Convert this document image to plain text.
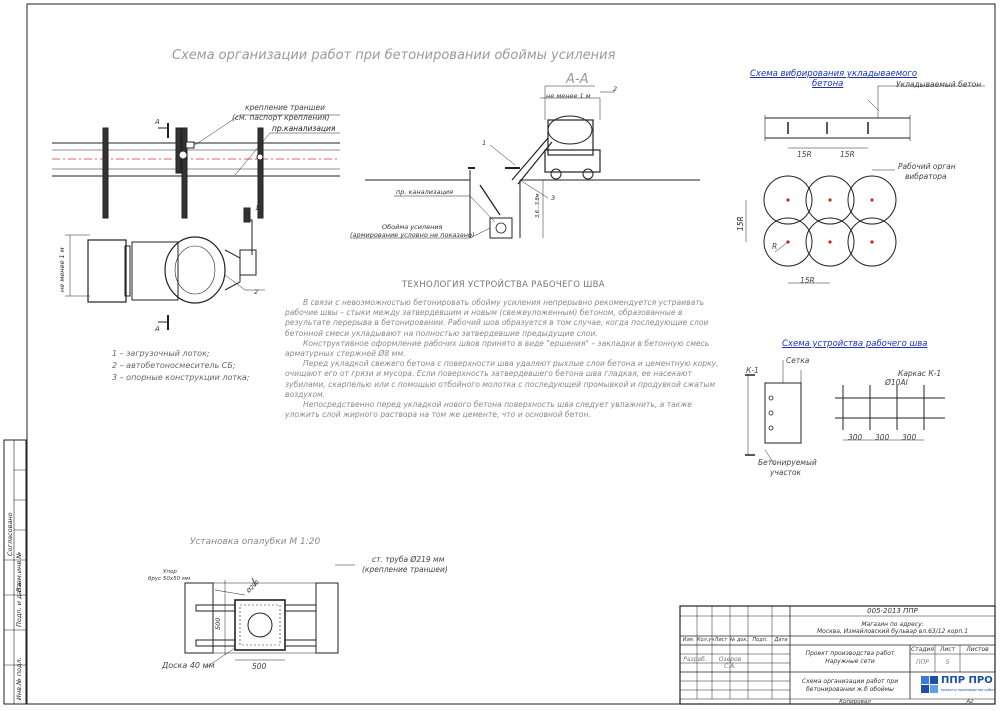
Схема организации работ при бетонировании обоймы усиления
А-А
А
А
крепление траншеи
(см. паспорт крепления)
пр.канализация
1
2
не менее 1 м
не менее 1 м
2
1
3
пр. канализация
Обойма усиления
(армирование условно не показано)
3,6...3,8м
ТЕХНОЛОГИЯ УСТРОЙСТВА РАБОЧЕГО ШВА

В связи с невозможностью бетонировать обойму усиления непрерывно рекомендуется устраивать рабочие швы – стыки между затвердевшим и новым (свежеуложенным) бетоном, образованные в результате перерыва в бетонировании. Рабочий шов образуется в том случае, когда последующие слои бетонной смеси укладывают на полностью затвердевшие предыдущие слои.

Конструктивное оформление рабочих швов принято в виде "ершения" – закладки в бетонную смесь арматурных стержней Ø8 мм.

Перед укладкой свежего бетона с поверхности шва удаляют рыхлые слои бетона и цементную корку, очищают его от грязи и мусора. Если поверхность затвердевшего бетона шва гладкая, ее насекают зубилами, скарпелью или с помощью отбойного молотка с последующей промывкой и продувкой сжатым воздухом.

Непосредственно перед укладкой нового бетона поверхность шва следует увлажнить, а также уложить слой жирного раствора на том же цементе, что и основной бетон.

1 – загрузочный лоток;
2 – автобетоносмеситель СБ;
3 – опорные конструкции лотка;
Схема вибрирования укладываемого
бетона	Укладываемый бетон
15R	15R
Рабочий орган
вибратора
15R
R
15R
Схема устройства рабочего шва
Сетка
К-1	Каркас К-1
Ø10AI
300 300 300
Бетонируемый
участок
Установка опалубки М 1:20
ст. труба Ø219 мм
(крепление траншеи)
Упор
брус 50х50 мм
Ø290
500
500
Доска 40 мм
Согласовано
Взам.инв.№
Подп. и дата
Инв.№ подл.
005-2013 ППР
Магазин по адресу:
Москва, Измайловский бульвар вл.63/12 корп.1
Изм. Кол.уч Лист № док. Подп.	Дата
Разраб.	Озеров С.А.
Проект производства работ
Наружные сети
Стадия Лист	Листов
ППР	5
Схема организации работ при
бетонировании ж.б обоймы
ППР ПРО
проекты производства работ
Копировал	А2
